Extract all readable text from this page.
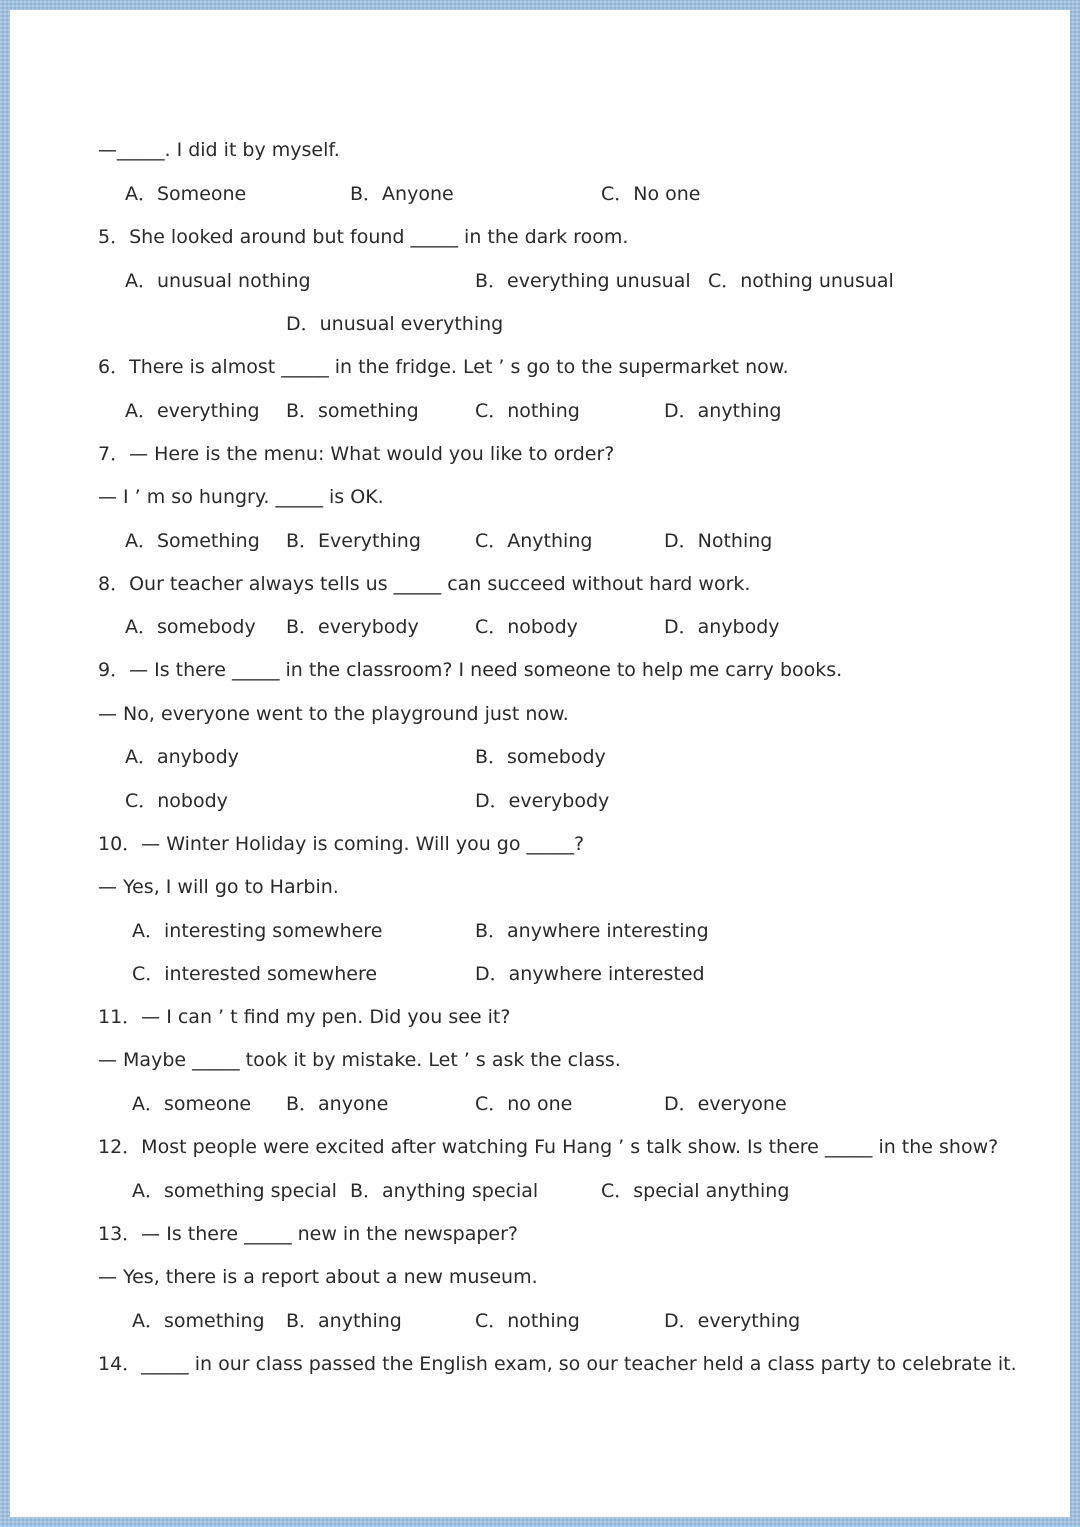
—_____. I did it by myself.
5．She looked around but found _____ in the dark room.
6．There is almost _____ in the fridge. Let ’ s go to the supermarket now.
7．— Here is the menu: What would you like to order?
— I ’ m so hungry. _____ is OK.
8．Our teacher always tells us _____ can succeed without hard work.
9．— Is there _____ in the classroom? I need someone to help me carry books.
— No, everyone went to the playground just now.
10．— Winter Holiday is coming. Will you go _____?
— Yes, I will go to Harbin.
11．— I can ’ t find my pen. Did you see it?
— Maybe _____ took it by mistake. Let ’ s ask the class.
12．Most people were excited after watching Fu Hang ’ s talk show. Is there _____ in the show?
13．— Is there _____ new in the newspaper?
— Yes, there is a report about a new museum.
14．_____ in our class passed the English exam, so our teacher held a class party to celebrate it.
A．Someone	B．Anyone	C．No one
A．unusual nothing	B．everything unusual C．nothing unusual
D．unusual everything
A．everything B．something	C．nothing	D．anything
A．Something B．Everything	C．Anything	D．Nothing
A．somebody B．everybody	C．nobody	D．anybody
A．anybody	B．somebody
C．nobody	D．everybody
A．interesting somewhere	B．anywhere interesting
C．interested somewhere	D．anywhere interested
A．someone B．anyone	C．no one	D．everyone
A．something special B．anything special	C．special anything
A．something B．anything	C．nothing	D．everything
